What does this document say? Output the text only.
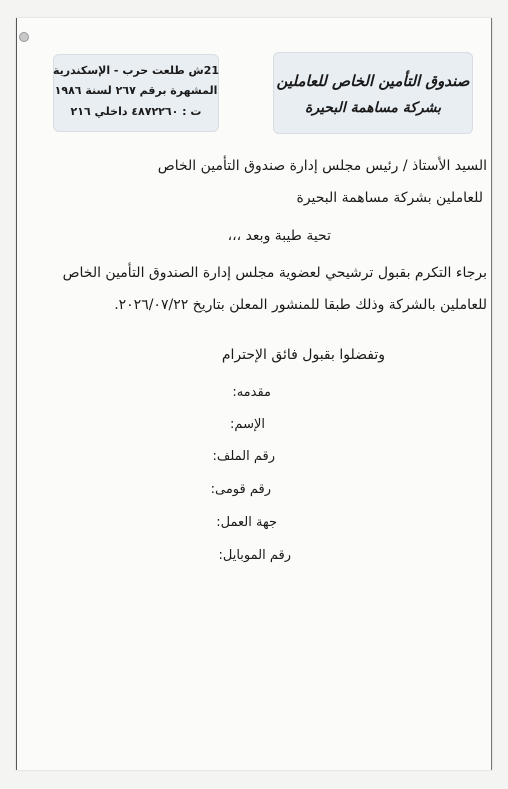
21ش طلعت حرب - الإسكندرية
المشهرة برقم ٢٦٧ لسنة ١٩٨٦
ت : ٤٨٧٢٢٦٠ داخلي ٢١٦
صندوق التأمين الخاص للعاملين
بشركة مساهمة البحيرة
السيد الأستاذ / رئيس مجلس إدارة صندوق التأمين الخاص
للعاملين بشركة مساهمة البحيرة
تحية طيبة وبعد ،،،
برجاء التكرم بقبول ترشيحي لعضوية مجلس إدارة الصندوق التأمين الخاص
للعاملين بالشركة وذلك طبقا للمنشور المعلن بتاريخ ٢٠٢٦/٠٧/٢٢.
وتفضلوا بقبول فائق الإحترام
مقدمه:
الإسم:
رقم الملف:
رقم قومى:
جهة العمل:
رقم الموبايل:
